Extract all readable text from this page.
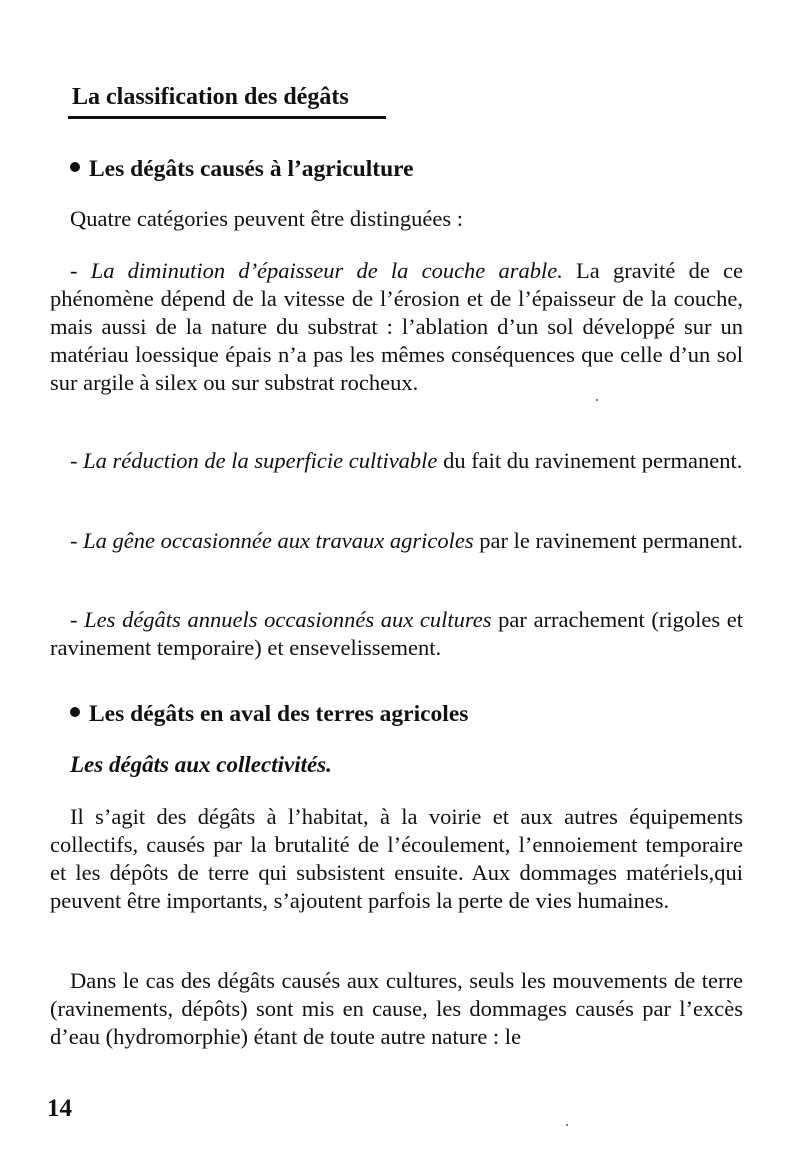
La classification des dégâts
Les dégâts causés à l’agriculture

Quatre catégories peuvent être distinguées :

- La diminution d’épaisseur de la couche arable. La gravité de ce phénomène dépend de la vitesse de l’érosion et de l’épaisseur de la couche, mais aussi de la nature du substrat : l’ablation d’un sol développé sur un matériau loessique épais n’a pas les mêmes conséquences que celle d’un sol sur argile à silex ou sur substrat rocheux.

- La réduction de la superficie cultivable du fait du ravinement permanent.

- La gêne occasionnée aux travaux agricoles par le ravinement permanent.

- Les dégâts annuels occasionnés aux cultures par arrachement (rigoles et ravinement temporaire) et ensevelissement.

Les dégâts en aval des terres agricoles
Les dégâts aux collectivités.

Il s’agit des dégâts à l’habitat, à la voirie et aux autres équipements collectifs, causés par la brutalité de l’écoulement, l’ennoiement temporaire et les dépôts de terre qui subsistent ensuite. Aux dommages matériels,qui peuvent être importants, s’ajoutent parfois la perte de vies humaines.

Dans le cas des dégâts causés aux cultures, seuls les mouvements de terre (ravinements, dépôts) sont mis en cause, les dommages causés par l’excès d’eau (hydromorphie) étant de toute autre nature : le

14
